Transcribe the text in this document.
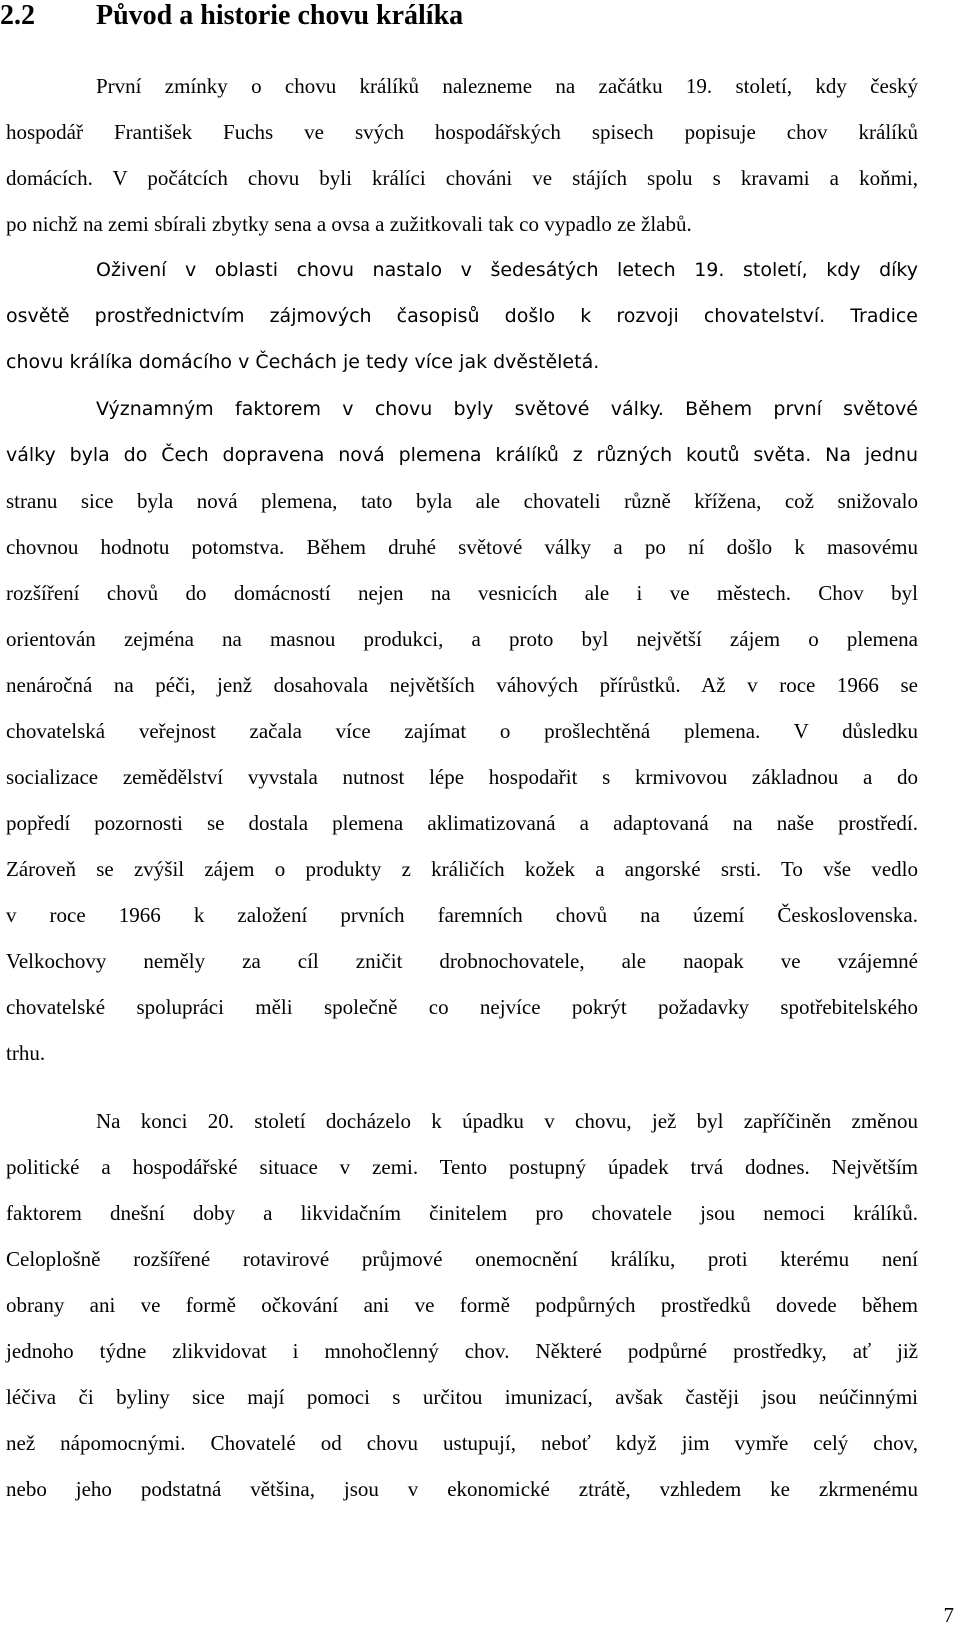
2.2 Původ a historie chovu králíka
První zmínky o chovu králíků nalezneme na začátku 19. století, kdy český
hospodář František Fuchs ve svých hospodářských spisech popisuje chov králíků
domácích. V počátcích chovu byli králíci chováni ve stájích spolu s kravami a koňmi,
po nichž na zemi sbírali zbytky sena a ovsa a zužitkovali tak co vypadlo ze žlabů.
Oživení v oblasti chovu nastalo v šedesátých letech 19. století, kdy díky
osvětě prostřednictvím zájmových časopisů došlo k rozvoji chovatelství. Tradice
chovu králíka domácího v Čechách je tedy více jak dvěstěletá.
Významným faktorem v chovu byly světové války. Během první světové
války byla do Čech dopravena nová plemena králíků z různých koutů světa. Na jednu
stranu sice byla nová plemena, tato byla ale chovateli různě křížena, což snižovalo
chovnou hodnotu potomstva. Během druhé světové války a po ní došlo k masovému
rozšíření chovů do domácností nejen na vesnicích ale i ve městech. Chov byl
orientován zejména na masnou produkci, a proto byl největší zájem o plemena
nenáročná na péči, jenž dosahovala největších váhových přírůstků. Až v roce 1966 se
chovatelská veřejnost začala více zajímat o prošlechtěná plemena. V důsledku
socializace zemědělství vyvstala nutnost lépe hospodařit s krmivovou základnou a do
popředí pozornosti se dostala plemena aklimatizovaná a adaptovaná na naše prostředí.
Zároveň se zvýšil zájem o produkty z králičích kožek a angorské srsti. To vše vedlo
v roce 1966 k založení prvních faremních chovů na území Československa.
Velkochovy neměly za cíl zničit drobnochovatele, ale naopak ve vzájemné
chovatelské spolupráci měli společně co nejvíce pokrýt požadavky spotřebitelského
trhu.
Na konci 20. století docházelo k úpadku v chovu, jež byl zapříčiněn změnou
politické a hospodářské situace v zemi. Tento postupný úpadek trvá dodnes. Největším
faktorem dnešní doby a likvidačním činitelem pro chovatele jsou nemoci králíků.
Celoplošně rozšířené rotavirové průjmové onemocnění králíku, proti kterému není
obrany ani ve formě očkování ani ve formě podpůrných prostředků dovede během
jednoho týdne zlikvidovat i mnohočlenný chov. Některé podpůrné prostředky, ať již
léčiva či byliny sice mají pomoci s určitou imunizací, avšak častěji jsou neúčinnými
než nápomocnými. Chovatelé od chovu ustupují, neboť když jim vymře celý chov,
nebo jeho podstatná většina, jsou v ekonomické ztrátě, vzhledem ke zkrmenému
7
